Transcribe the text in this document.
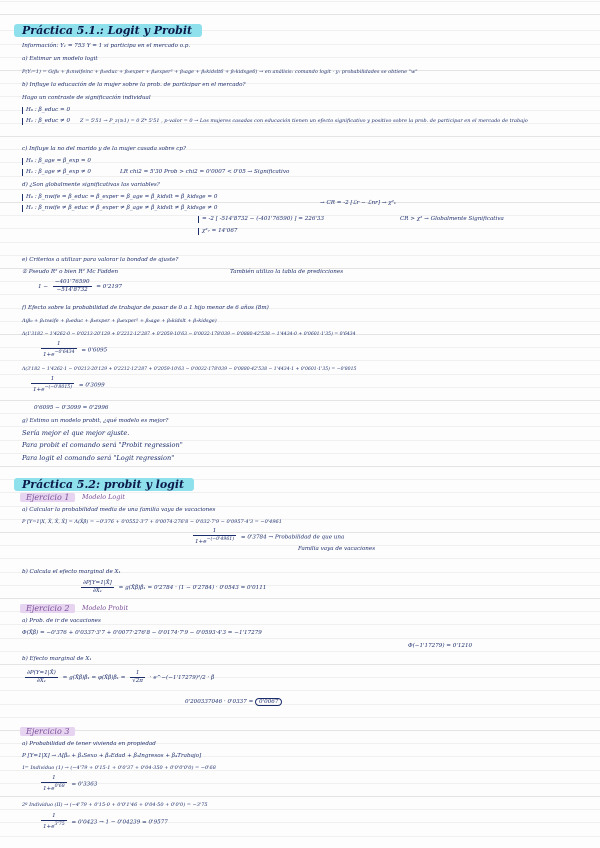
Práctica 5.1.: Logit y Probit
Información: Y₁ = 753 Y = 1 si participa en el mercado o.p.
a) Estimar un modelo logit
P(Yᵢ=1) = G(β₀ + β₁nwifeinc + β₂educ + β₃exper + β₄exper² + β₅age + β₆kidslt6 + β₇kidsge6) → en análisis: comando logit · y: probabilidades se obtiene "w"
b) Influye la educación de la mujer sobre la prob. de participar en el mercado?
Hago un contraste de significación individual
H₀ : β_educ = 0
H₁ : β_educ ≠ 0 Z = 5'51 → P_z(≥1) = 0 Z* 5'51 , p-valor = 0 → Los mujeres casadas con educación tienen un efecto significativo y positivo sobre la prob. de participar en el mercado de trabajo
c) Influye la no del marido y de la mujer casada sobre cp?
H₀ : β_age = β_exp = 0
H₁ : β_age ≠ β_exp ≠ 0	LR chi2 = 5'30 Prob > chi2 = 0'0007 < 0'05 → Significativo
d) ¿Son globalmente significativas las variables?
H₀ : β_nwife = β_educ = β_exper = β_age = β_kidslt = β_kidsge = 0
H₁ : β_nwife ≠ β_educ ≠ β_exper ≠ β_age ≠ β_kidslt ≠ β_kidsge ≠ 0
→ CR = -2 [ℒr − ℒnr] → χ²ₖ
= -2 [ -514'8732 − (-401'76590) ] = 226'33
χ²₇ = 14'067
CR > χ² → Globalmente Significativa
e) Criterios a utilizar para valorar la bondad de ajuste?
① Pseudo R² o bien R² Mc Fadden	También utilizo la tabla de predicciones
$1 - \frac{-401'76590}{-514'8732} = 0'2197$
f) Efecto sobre la probabilidad de trabajar de pasar de 0 a 1 hijo menor de 6 años (8m)
Λ(β₀ + β₁nwife + β₂educ + β₃exper + β₄exper² + β₅age + β₆kidslt + β₇kidsge)
Λ(1'3182 − 1'4262·0 − 0'0213·20'129 + 0'2212·12'287 + 0'2059·10'63 − 0'0032·178'039 − 0'0880·42'538 − 1'4434·0 + 0'0601·1'35) = 0'6434
$\frac{1}{1+e^{-0'6434}} = 0'6095$
Λ(3'182 − 1'4262·1 − 0'0213·20'129 + 0'2212·12'287 + 0'2059·10'63 − 0'0032·178'039 − 0'0880·42'538 − 1'4434·1 + 0'0601·1'35) = −0'8015
$\frac{1}{1+e^{-(-0'8015)}} = 0'3099$
0'6095 − 0'3099 = 0'2996
g) Estimo un modelo probit, ¿qué modelo es mejor?
Sería mejor el que mejor ajuste.
Para probit el comando será "Probit regression"
Para logit el comando será "Logit regression"
Práctica 5.2: probit y logit
Ejercicio 1	Modelo Logit
a) Calcular la probabilidad media de una familia vaya de vacaciones
P [Y=1|X, X̄, X̄, X̄] = Λ(X̄β̂) = −0'376 + 0'0552·3'7 + 0'0074·276'8 − 0'032·7'9 − 0'0957·4'3 = −0'4961
$\frac{1}{1+e^{-(-0'4961)}} = 0'3784$ → Probabilidad de que una
Familia vaya de vacaciones
b) Calcula el efecto marginal de X₁
$\frac{\partial P[Y=1|X̄]}{\text{∂X₁}}$ = g(X̄β̂)β̂₁ = 0'2784 · (1 − 0'2784) · 0'0543 = 0'0111
Ejercicio 2	Modelo Probit
a) Prob. de ir de vacaciones
Φ(X̄β̂) = −0'376 + 0'0337·3'7 + 0'0077·276'8 − 0'0174·7'9 − 0'0593·4'3 = −1'17279
Φ(−1'17279) = 0'1210
b) Efecto marginal de X₁
$\frac{\partial P(Y=1|X̄)}{\text{∂X₁}}$ = g(X̄β̂)β̂₁ = φ(X̄β̂)β̂₁ = $\frac{1}{√2\pi}$ · e^−(−1'17279)²/2 · β̂
0'200337046 · 0'0337 = 0'0067
Ejercicio 3
a) Probabilidad de tener vivienda en propiedad
P [Y=1|X] → Λ[β₀ + β₁Sexo + β₂Edad + β₃Ingresos + β₄Trabajo]
1ᵉʳ Individuo (1) → (−4'79 + 0'15·1 + 0'0'37 + 0'04·350 + 0'0'0'0'0) = −0'68
$\frac{1}{1+e^{0'68}} = 0'3363$
2º Individuo (II) → (−4'79 + 0'15·0 + 0'0'1'46 + 0'04·50 + 0'0'0) = −3'75
$\frac{1}{1+e^{3'75}} = 0'0423 \to 1 - 0'04239 = 0'9577$
